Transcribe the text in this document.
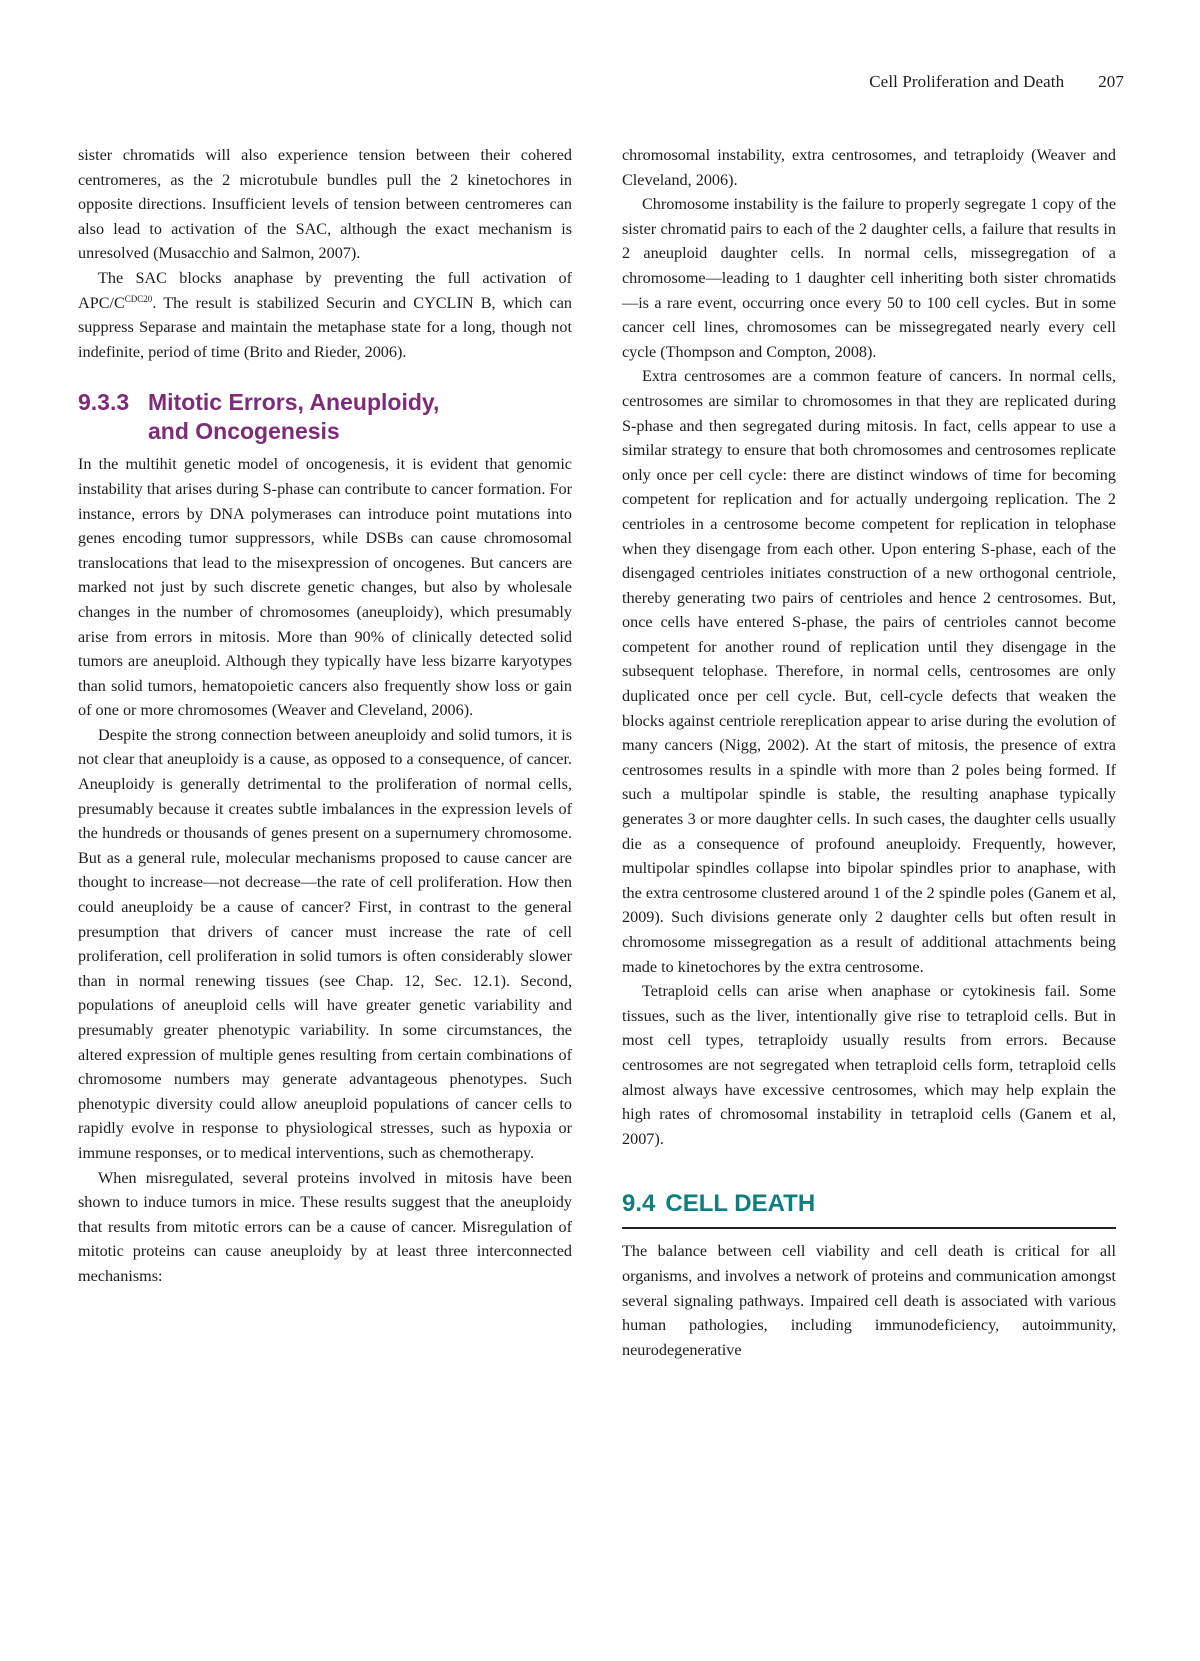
Cell Proliferation and Death 207

sister chromatids will also experience tension between their cohered centromeres, as the 2 microtubule bundles pull the 2 kinetochores in opposite directions. Insufficient levels of tension between centromeres can also lead to activation of the SAC, although the exact mechanism is unresolved (Musacchio and Salmon, 2007).

The SAC blocks anaphase by preventing the full activation of APC/$C^{CDC20}$. The result is stabilized Securin and CYCLIN B, which can suppress Separase and maintain the metaphase state for a long, though not indefinite, period of time (Brito and Rieder, 2006).

9.3.3 Mitotic Errors, Aneuploidy,
and Oncogenesis

In the multihit genetic model of oncogenesis, it is evident that genomic instability that arises during S-phase can contribute to cancer formation. For instance, errors by DNA polymerases can introduce point mutations into genes encoding tumor suppressors, while DSBs can cause chromosomal translocations that lead to the misexpression of oncogenes. But cancers are marked not just by such discrete genetic changes, but also by wholesale changes in the number of chromosomes (aneuploidy), which presumably arise from errors in mitosis. More than 90% of clinically detected solid tumors are aneuploid. Although they typically have less bizarre karyotypes than solid tumors, hematopoietic cancers also frequently show loss or gain of one or more chromosomes (Weaver and Cleveland, 2006).

Despite the strong connection between aneuploidy and solid tumors, it is not clear that aneuploidy is a cause, as opposed to a consequence, of cancer. Aneuploidy is generally detrimental to the proliferation of normal cells, presumably because it creates subtle imbalances in the expression levels of the hundreds or thousands of genes present on a supernumery chromosome. But as a general rule, molecular mechanisms proposed to cause cancer are thought to increase—not decrease—the rate of cell proliferation. How then could aneuploidy be a cause of cancer? First, in contrast to the general presumption that drivers of cancer must increase the rate of cell proliferation, cell proliferation in solid tumors is often considerably slower than in normal renewing tissues (see Chap. 12, Sec. 12.1). Second, populations of aneuploid cells will have greater genetic variability and presumably greater phenotypic variability. In some circumstances, the altered expression of multiple genes resulting from certain combinations of chromosome numbers may generate advantageous phenotypes. Such phenotypic diversity could allow aneuploid populations of cancer cells to rapidly evolve in response to physiological stresses, such as hypoxia or immune responses, or to medical interventions, such as chemotherapy.

When misregulated, several proteins involved in mitosis have been shown to induce tumors in mice. These results suggest that the aneuploidy that results from mitotic errors can be a cause of cancer. Misregulation of mitotic proteins can cause aneuploidy by at least three interconnected mechanisms:

chromosomal instability, extra centrosomes, and tetraploidy (Weaver and Cleveland, 2006).

Chromosome instability is the failure to properly segregate 1 copy of the sister chromatid pairs to each of the 2 daughter cells, a failure that results in 2 aneuploid daughter cells. In normal cells, missegregation of a chromosome—leading to 1 daughter cell inheriting both sister chromatids—is a rare event, occurring once every 50 to 100 cell cycles. But in some cancer cell lines, chromosomes can be missegregated nearly every cell cycle (Thompson and Compton, 2008).

Extra centrosomes are a common feature of cancers. In normal cells, centrosomes are similar to chromosomes in that they are replicated during S-phase and then segregated during mitosis. In fact, cells appear to use a similar strategy to ensure that both chromosomes and centrosomes replicate only once per cell cycle: there are distinct windows of time for becoming competent for replication and for actually undergoing replication. The 2 centrioles in a centrosome become competent for replication in telophase when they disengage from each other. Upon entering S-phase, each of the disengaged centrioles initiates construction of a new orthogonal centriole, thereby generating two pairs of centrioles and hence 2 centrosomes. But, once cells have entered S-phase, the pairs of centrioles cannot become competent for another round of replication until they disengage in the subsequent telophase. Therefore, in normal cells, centrosomes are only duplicated once per cell cycle. But, cell-cycle defects that weaken the blocks against centriole rereplication appear to arise during the evolution of many cancers (Nigg, 2002). At the start of mitosis, the presence of extra centrosomes results in a spindle with more than 2 poles being formed. If such a multipolar spindle is stable, the resulting anaphase typically generates 3 or more daughter cells. In such cases, the daughter cells usually die as a consequence of profound aneuploidy. Frequently, however, multipolar spindles collapse into bipolar spindles prior to anaphase, with the extra centrosome clustered around 1 of the 2 spindle poles (Ganem et al, 2009). Such divisions generate only 2 daughter cells but often result in chromosome missegregation as a result of additional attachments being made to kinetochores by the extra centrosome.

Tetraploid cells can arise when anaphase or cytokinesis fail. Some tissues, such as the liver, intentionally give rise to tetraploid cells. But in most cell types, tetraploidy usually results from errors. Because centrosomes are not segregated when tetraploid cells form, tetraploid cells almost always have excessive centrosomes, which may help explain the high rates of chromosomal instability in tetraploid cells (Ganem et al, 2007).

9.4 CELL DEATH

The balance between cell viability and cell death is critical for all organisms, and involves a network of proteins and communication amongst several signaling pathways. Impaired cell death is associated with various human pathologies, including immunodeficiency, autoimmunity, neurodegenerative
